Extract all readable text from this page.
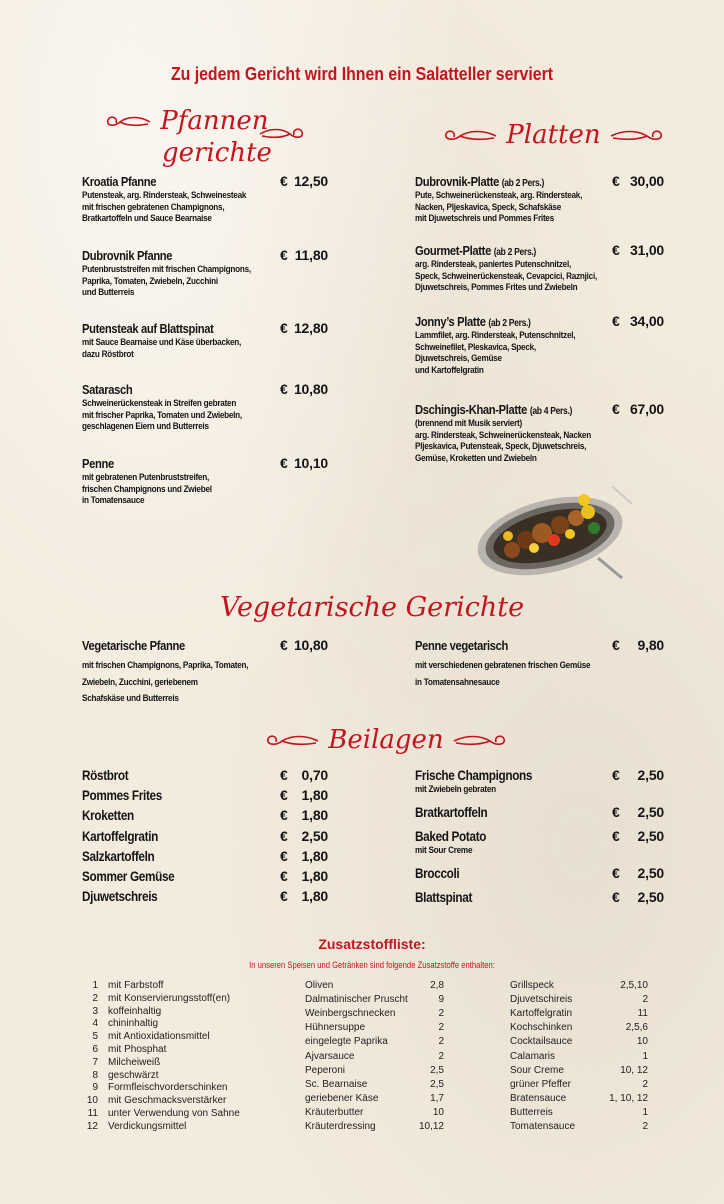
Zu jedem Gericht wird Ihnen ein Salatteller serviert
Pfannen
gerichte
Platten
Kroatia Pfanne	€ 12,50
Putensteak, arg. Rindersteak, Schweinesteak
mit frischen gebratenen Champignons,
Bratkartoffeln und Sauce Bearnaise
Dubrovnik Pfanne	€ 11,80
Putenbruststreifen mit frischen Champignons,
Paprika, Tomaten, Zwiebeln, Zucchini
und Butterreis
Putensteak auf Blattspinat	€ 12,80
mit Sauce Bearnaise und Käse überbacken,
dazu Röstbrot
Satarasch	€ 10,80
Schweinerückensteak in Streifen gebraten
mit frischer Paprika, Tomaten und Zwiebeln,
geschlagenen Eiern und Butterreis
Penne	€ 10,10
mit gebratenen Putenbruststreifen,
frischen Champignons und Zwiebel
in Tomatensauce
Dubrovnik-Platte (ab 2 Pers.)	€ 30,00
Pute, Schweinerückensteak, arg. Rindersteak,
Nacken, Pljeskavica, Speck, Schafskäse
mit Djuwetschreis und Pommes Frites
Gourmet-Platte (ab 2 Pers.)	€ 31,00
arg. Rindersteak, paniertes Putenschnitzel,
Speck, Schweinerückensteak, Cevapcici, Raznjici,
Djuwetschreis, Pommes Frites und Zwiebeln
Jonny’s Platte (ab 2 Pers.)	€ 34,00
Lammfilet, arg. Rindersteak, Putenschnitzel,
Schweinefilet, Pleskavica, Speck,
Djuwetschreis, Gemüse
und Kartoffelgratin
Dschingis-Khan-Platte (ab 4 Pers.)	€ 67,00
(brennend mit Musik serviert)
arg. Rindersteak, Schweinerückensteak, Nacken
Pljeskavica, Putensteak, Speck, Djuwetschreis,
Gemüse, Kroketten und Zwiebeln
Vegetarische Gerichte
Vegetarische Pfanne	€ 10,80
mit frischen Champignons, Paprika, Tomaten,
Zwiebeln, Zucchini, geriebenem
Schafskäse und Butterreis
Penne vegetarisch	€ 9,80
mit verschiedenen gebratenen frischen Gemüse
in Tomatensahnesauce
Beilagen
Röstbrot	€ 0,70
Pommes Frites	€ 1,80
Kroketten	€ 1,80
Kartoffelgratin	€ 2,50
Salzkartoffeln	€ 1,80
Sommer Gemüse	€ 1,80
Djuwetschreis	€ 1,80
Frische Champignons	€ 2,50
mit Zwiebeln gebraten
Bratkartoffeln	€ 2,50
Baked Potato	€ 2,50
mit Sour Creme
Broccoli	€ 2,50
Blattspinat	€ 2,50
Zusatzstoffliste:
In unseren Speisen und Getränken sind folgende Zusatzstoffe enthalten:
1 mit Farbstoff
2 mit Konservierungsstoff(en)
3 koffeinhaltig
4 chininhaltig
5 mit Antioxidationsmittel
6 mit Phosphat
7 Milcheiweiß
8 geschwärzt
9 Formfleischvorderschinken
10 mit Geschmacksverstärker
11 unter Verwendung von Sahne
12 Verdickungsmittel
Oliven	2,8
Dalmatinischer Pruscht	9
Weinbergschnecken	2
Hühnersuppe	2
eingelegte Paprika	2
Ajvarsauce	2
Peperoni	2,5
Sc. Bearnaise	2,5
geriebener Käse	1,7
Kräuterbutter	10
Kräuterdressing	10,12
Grillspeck	2,5,10
Djuvetschireis	2
Kartoffelgratin	11
Kochschinken	2,5,6
Cocktailsauce	10
Calamaris	1
Sour Creme	10, 12
grüner Pfeffer	2
Bratensauce	1, 10, 12
Butterreis	1
Tomatensauce	2
